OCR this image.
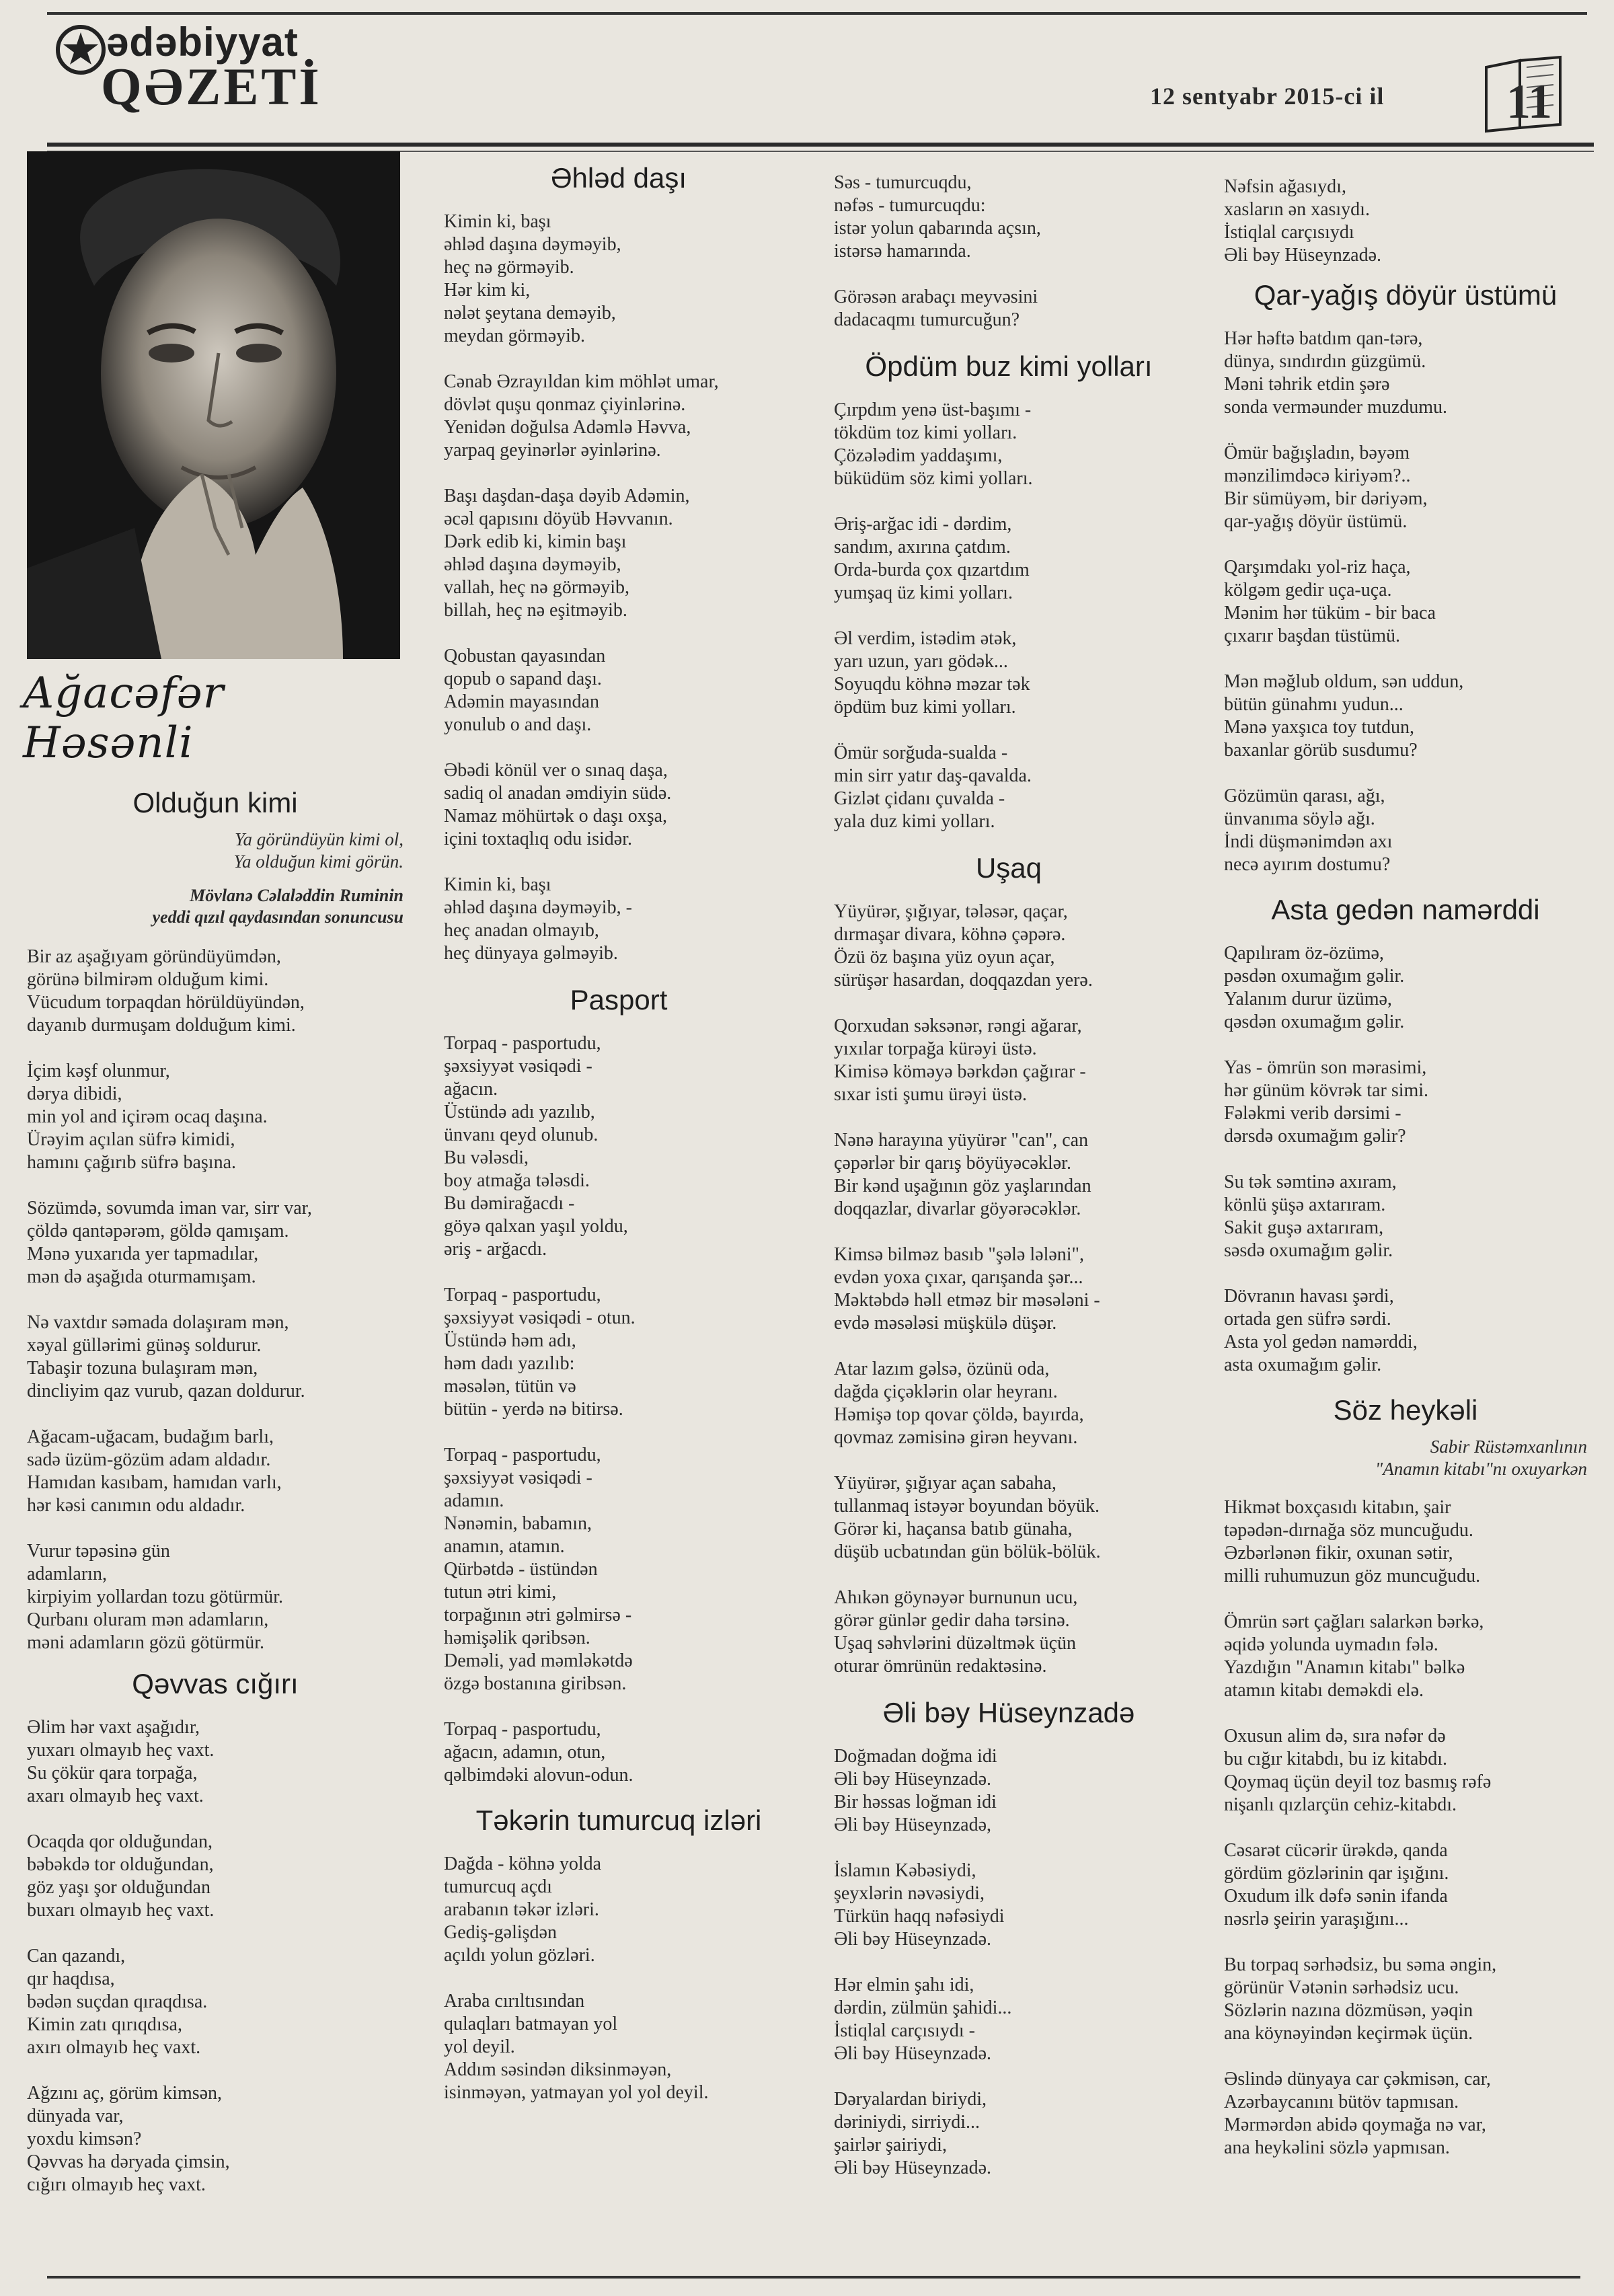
ədəbiyyat
QƏZETİ	12 sentyabr 2015-ci il	11
Ağacəfər Həsənli
Olduğun kimi
Ya göründüyün kimi ol,
Ya olduğun kimi görün.
Mövlanə Cəlaləddin Ruminin
yeddi qızıl qaydasından sonuncusu

Bir az aşağıyam göründüyümdən,
görünə bilmirəm olduğum kimi.
Vücudum torpaqdan hörüldüyündən,
dayanıb durmuşam dolduğum kimi.

İçim kəşf olunmur,
dərya dibidi,
min yol and içirəm ocaq daşına.
Ürəyim açılan süfrə kimidi,
hamını çağırıb süfrə başına.

Sözümdə, sovumda iman var, sirr var,
çöldə qantəpərəm, göldə qamışam.
Mənə yuxarıda yer tapmadılar,
mən də aşağıda oturmamışam.

Nə vaxtdır səmada dolaşıram mən,
xəyal güllərimi günəş soldurur.
Tabaşir tozuna bulaşıram mən,
dincliyim qaz vurub, qazan doldurur.

Ağacam-uğacam, budağım barlı,
sadə üzüm-gözüm adam aldadır.
Hamıdan kasıbam, hamıdan varlı,
hər kəsi canımın odu aldadır.

Vurur təpəsinə gün
adamların,
kirpiyim yollardan tozu götürmür.
Qurbanı oluram mən adamların,
məni adamların gözü götürmür.

Qəvvas cığırı

Əlim hər vaxt aşağıdır,
yuxarı olmayıb heç vaxt.
Su çökür qara torpağa,
axarı olmayıb heç vaxt.

Ocaqda qor olduğundan,
bəbəkdə tor olduğundan,
göz yaşı şor olduğundan
buxarı olmayıb heç vaxt.

Can qazandı,
qır haqdısa,
bədən suçdan qıraqdısa.
Kimin zatı qırıqdısa,
axırı olmayıb heç vaxt.

Ağzını aç, görüm kimsən,
dünyada var,
yoxdu kimsən?
Qəvvas ha dəryada çimsin,
cığırı olmayıb heç vaxt.

Əhləd daşı

Kimin ki, başı
əhləd daşına dəyməyib,
heç nə görməyib.
Hər kim ki,
nələt şeytana deməyib,
meydan görməyib.

Cənab Əzrayıldan kim möhlət umar,
dövlət quşu qonmaz çiyinlərinə.
Yenidən doğulsa Adəmlə Həvva,
yarpaq geyinərlər əyinlərinə.

Başı daşdan-daşa dəyib Adəmin,
əcəl qapısını döyüb Həvvanın.
Dərk edib ki, kimin başı
əhləd daşına dəyməyib,
vallah, heç nə görməyib,
billah, heç nə eşitməyib.

Qobustan qayasından
qopub o sapand daşı.
Adəmin mayasından
yonulub o and daşı.

Əbədi könül ver o sınaq daşa,
sadiq ol anadan əmdiyin südə.
Namaz möhürtək o daşı oxşa,
içini toxtaqlıq odu isidər.

Kimin ki, başı
əhləd daşına dəyməyib, -
heç anadan olmayıb,
heç dünyaya gəlməyib.

Pasport

Torpaq - pasportudu,
şəxsiyyət vəsiqədi -
ağacın.
Üstündə adı yazılıb,
ünvanı qeyd olunub.
Bu vələsdi,
boy atmağa tələsdi.
Bu dəmirağacdı -
göyə qalxan yaşıl yoldu,
əriş - arğacdı.

Torpaq - pasportudu,
şəxsiyyət vəsiqədi - otun.
Üstündə həm adı,
həm dadı yazılıb:
məsələn, tütün və
bütün - yerdə nə bitirsə.

Torpaq - pasportudu,
şəxsiyyət vəsiqədi -
adamın.
Nənəmin, babamın,
anamın, atamın.
Qürbətdə - üstündən
tutun ətri kimi,
torpağının ətri gəlmirsə -
həmişəlik qəribsən.
Deməli, yad məmləkətdə
özgə bostanına giribsən.

Torpaq - pasportudu,
ağacın, adamın, otun,
qəlbimdəki alovun-odun.

Təkərin tumurcuq izləri

Dağda - köhnə yolda
tumurcuq açdı
arabanın təkər izləri.
Gediş-gəlişdən
açıldı yolun gözləri.

Araba cırıltısından
qulaqları batmayan yol
yol deyil.
Addım səsindən diksinməyən,
isinməyən, yatmayan yol yol deyil.

Səs - tumurcuqdu,
nəfəs - tumurcuqdu:
istər yolun qabarında açsın,
istərsə hamarında.

Görəsən arabaçı meyvəsini
dadacaqmı tumurcuğun?

Öpdüm buz kimi yolları

Çırpdım yenə üst-başımı -
tökdüm toz kimi yolları.
Çözələdim yaddaşımı,
büküdüm söz kimi yolları.

Əriş-arğac idi - dərdim,
sandım, axırına çatdım.
Orda-burda çox qızartdım
yumşaq üz kimi yolları.

Əl verdim, istədim ətək,
yarı uzun, yarı gödək...
Soyuqdu köhnə məzar tək
öpdüm buz kimi yolları.

Ömür sorğuda-sualda -
min sirr yatır daş-qavalda.
Gizlət çidanı çuvalda -
yala duz kimi yolları.

Uşaq

Yüyürər, şığıyar, tələsər, qaçar,
dırmaşar divara, köhnə çəpərə.
Özü öz başına yüz oyun açar,
sürüşər hasardan, doqqazdan yerə.

Qorxudan səksənər, rəngi ağarar,
yıxılar torpağa kürəyi üstə.
Kimisə köməyə bərkdən çağırar -
sıxar isti şumu ürəyi üstə.

Nənə harayına yüyürər "can", can
çəpərlər bir qarış böyüyəcəklər.
Bir kənd uşağının göz yaşlarından
doqqazlar, divarlar göyərəcəklər.

Kimsə bilməz basıb "şələ lələni",
evdən yoxa çıxar, qarışanda şər...
Məktəbdə həll etməz bir məsələni -
evdə məsələsi müşkülə düşər.

Atar lazım gəlsə, özünü oda,
dağda çiçəklərin olar heyranı.
Həmişə top qovar çöldə, bayırda,
qovmaz zəmisinə girən heyvanı.

Yüyürər, şığıyar açan sabaha,
tullanmaq istəyər boyundan böyük.
Görər ki, haçansa batıb günaha,
düşüb ucbatından gün bölük-bölük.

Ahıkən göynəyər burnunun ucu,
görər günlər gedir daha tərsinə.
Uşaq səhvlərini düzəltmək üçün
oturar ömrünün redaktəsinə.

Əli bəy Hüseynzadə

Doğmadan doğma idi
Əli bəy Hüseynzadə.
Bir həssas loğman idi
Əli bəy Hüseynzadə,

İslamın Kəbəsiydi,
şeyxlərin nəvəsiydi,
Türkün haqq nəfəsiydi
Əli bəy Hüseynzadə.

Hər elmin şahı idi,
dərdin, zülmün şahidi...
İstiqlal carçısıydı -
Əli bəy Hüseynzadə.

Dəryalardan biriydi,
dəriniydi, sirriydi...
şairlər şairiydi,
Əli bəy Hüseynzadə.

Nəfsin ağasıydı,
xasların ən xasıydı.
İstiqlal carçısıydı
Əli bəy Hüseynzadə.

Qar-yağış döyür üstümü

Hər həftə batdım qan-tərə,
dünya, sındırdın güzgümü.
Məni təhrik etdin şərə
sonda verməunder muzdumu.

Ömür bağışladın, bəyəm
mənzilimdəcə kiriyəm?..
Bir sümüyəm, bir dəriyəm,
qar-yağış döyür üstümü.

Qarşımdakı yol-riz haça,
kölgəm gedir uça-uça.
Mənim hər tüküm - bir baca
çıxarır başdan tüstümü.

Mən məğlub oldum, sən uddun,
bütün günahmı yudun...
Mənə yaxşıca toy tutdun,
baxanlar görüb susdumu?

Gözümün qarası, ağı,
ünvanıma söylə ağı.
İndi düşmənimdən axı
necə ayırım dostumu?

Asta gedən namərddi

Qapılıram öz-özümə,
pəsdən oxumağım gəlir.
Yalanım durur üzümə,
qəsdən oxumağım gəlir.

Yas - ömrün son mərasimi,
hər günüm kövrək tar simi.
Fələkmi verib dərsimi -
dərsdə oxumağım gəlir?

Su tək səmtinə axıram,
könlü şüşə axtarıram.
Sakit guşə axtarıram,
səsdə oxumağım gəlir.

Dövranın havası şərdi,
ortada gen süfrə sərdi.
Asta yol gedən namərddi,
asta oxumağım gəlir.

Söz heykəli
Sabir Rüstəmxanlının
"Anamın kitabı"nı oxuyarkən

Hikmət boxçasıdı kitabın, şair
təpədən-dırnağa söz muncuğudu.
Əzbərlənən fikir, oxunan sətir,
milli ruhumuzun göz muncuğudu.

Ömrün sərt çağları salarkən bərkə,
əqidə yolunda uymadın fələ.
Yazdığın "Anamın kitabı" bəlkə
atamın kitabı deməkdi elə.

Oxusun alim də, sıra nəfər də
bu cığır kitabdı, bu iz kitabdı.
Qoymaq üçün deyil toz basmış rəfə
nişanlı qızlarçün cehiz-kitabdı.

Cəsarət cücərir ürəkdə, qanda
gördüm gözlərinin qar işığını.
Oxudum ilk dəfə sənin ifanda
nəsrlə şeirin yaraşığını...

Bu torpaq sərhədsiz, bu səma əngin,
görünür Vətənin sərhədsiz ucu.
Sözlərin nazına dözmüsən, yəqin
ana köynəyindən keçirmək üçün.

Əslində dünyaya car çəkmisən, car,
Azərbaycanını bütöv tapmısan.
Mərmərdən abidə qoymağa nə var,
ana heykəlini sözlə yapmısan.
